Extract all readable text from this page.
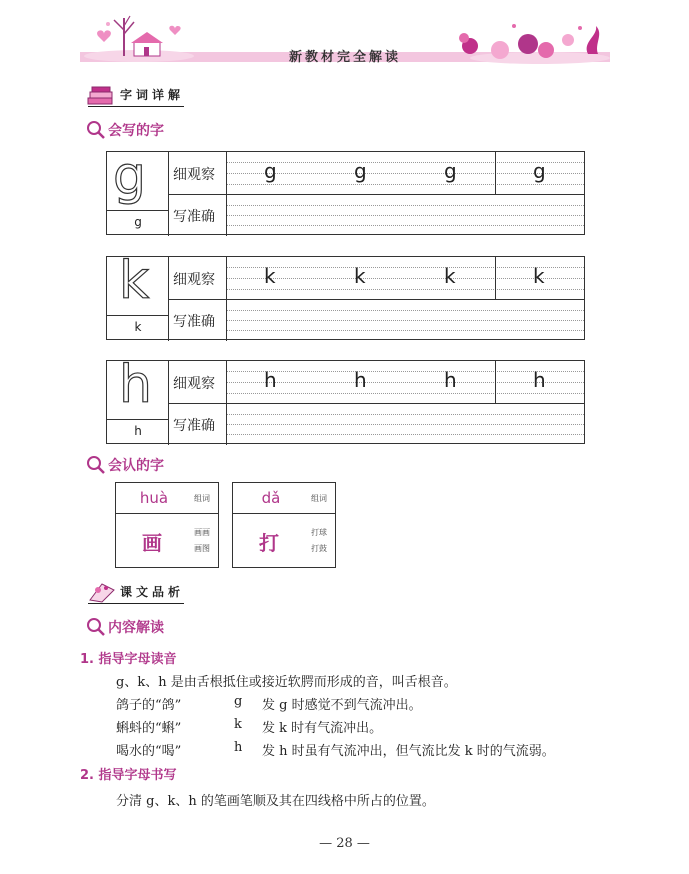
新教材完全解读
字词详解
会写的字
g
g
细观察
写准确
g	g	g	g
k
k
细观察
写准确
k	k	k	k
h
h
细观察
写准确
h	h	h	h
会认的字
huà	组词
画	画画
画图
dǎ	组词
打	打球
打鼓
课文品析
内容解读
1. 指导字母读音
g、k、h 是由舌根抵住或接近软腭而形成的音，叫舌根音。
鸽子的“鸽”	g 发 g 时感觉不到气流冲出。
蝌蚪的“蝌”	k 发 k 时有气流冲出。
喝水的“喝”	h 发 h 时虽有气流冲出，但气流比发 k 时的气流弱。
2. 指导字母书写
分清 g、k、h 的笔画笔顺及其在四线格中所占的位置。
— 28 —
